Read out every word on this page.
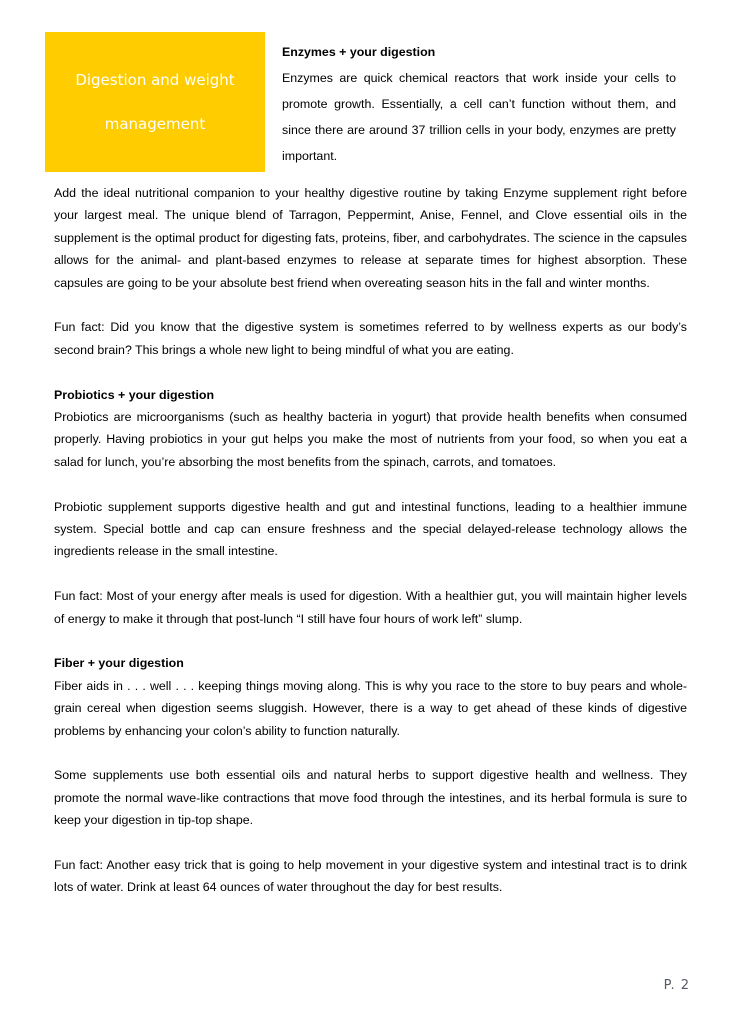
Digestion and weight
management

Enzymes + your digestion

Enzymes are quick chemical reactors that work inside your cells to promote growth. Essentially, a cell can’t function without them, and since there are around 37 trillion cells in your body, enzymes are pretty important.

Add the ideal nutritional companion to your healthy digestive routine by taking Enzyme supplement right before your largest meal. The unique blend of Tarragon, Peppermint, Anise, Fennel, and Clove essential oils in the supplement is the optimal product for digesting fats, proteins, fiber, and carbohydrates. The science in the capsules allows for the animal- and plant-based enzymes to release at separate times for highest absorption. These capsules are going to be your absolute best friend when overeating season hits in the fall and winter months.

Fun fact: Did you know that the digestive system is sometimes referred to by wellness experts as our body’s second brain? This brings a whole new light to being mindful of what you are eating.

Probiotics + your digestion

Probiotics are microorganisms (such as healthy bacteria in yogurt) that provide health benefits when consumed properly. Having probiotics in your gut helps you make the most of nutrients from your food, so when you eat a salad for lunch, you’re absorbing the most benefits from the spinach, carrots, and tomatoes.

Probiotic supplement supports digestive health and gut and intestinal functions, leading to a healthier immune system. Special bottle and cap can ensure freshness and the special delayed-release technology allows the ingredients release in the small intestine.

Fun fact: Most of your energy after meals is used for digestion. With a healthier gut, you will maintain higher levels of energy to make it through that post-lunch “I still have four hours of work left” slump.

Fiber + your digestion

Fiber aids in . . . well . . . keeping things moving along. This is why you race to the store to buy pears and whole-grain cereal when digestion seems sluggish. However, there is a way to get ahead of these kinds of digestive problems by enhancing your colon’s ability to function naturally.

Some supplements use both essential oils and natural herbs to support digestive health and wellness. They promote the normal wave-like contractions that move food through the intestines, and its herbal formula is sure to keep your digestion in tip-top shape.

Fun fact: Another easy trick that is going to help movement in your digestive system and intestinal tract is to drink lots of water. Drink at least 64 ounces of water throughout the day for best results.

P. 2
